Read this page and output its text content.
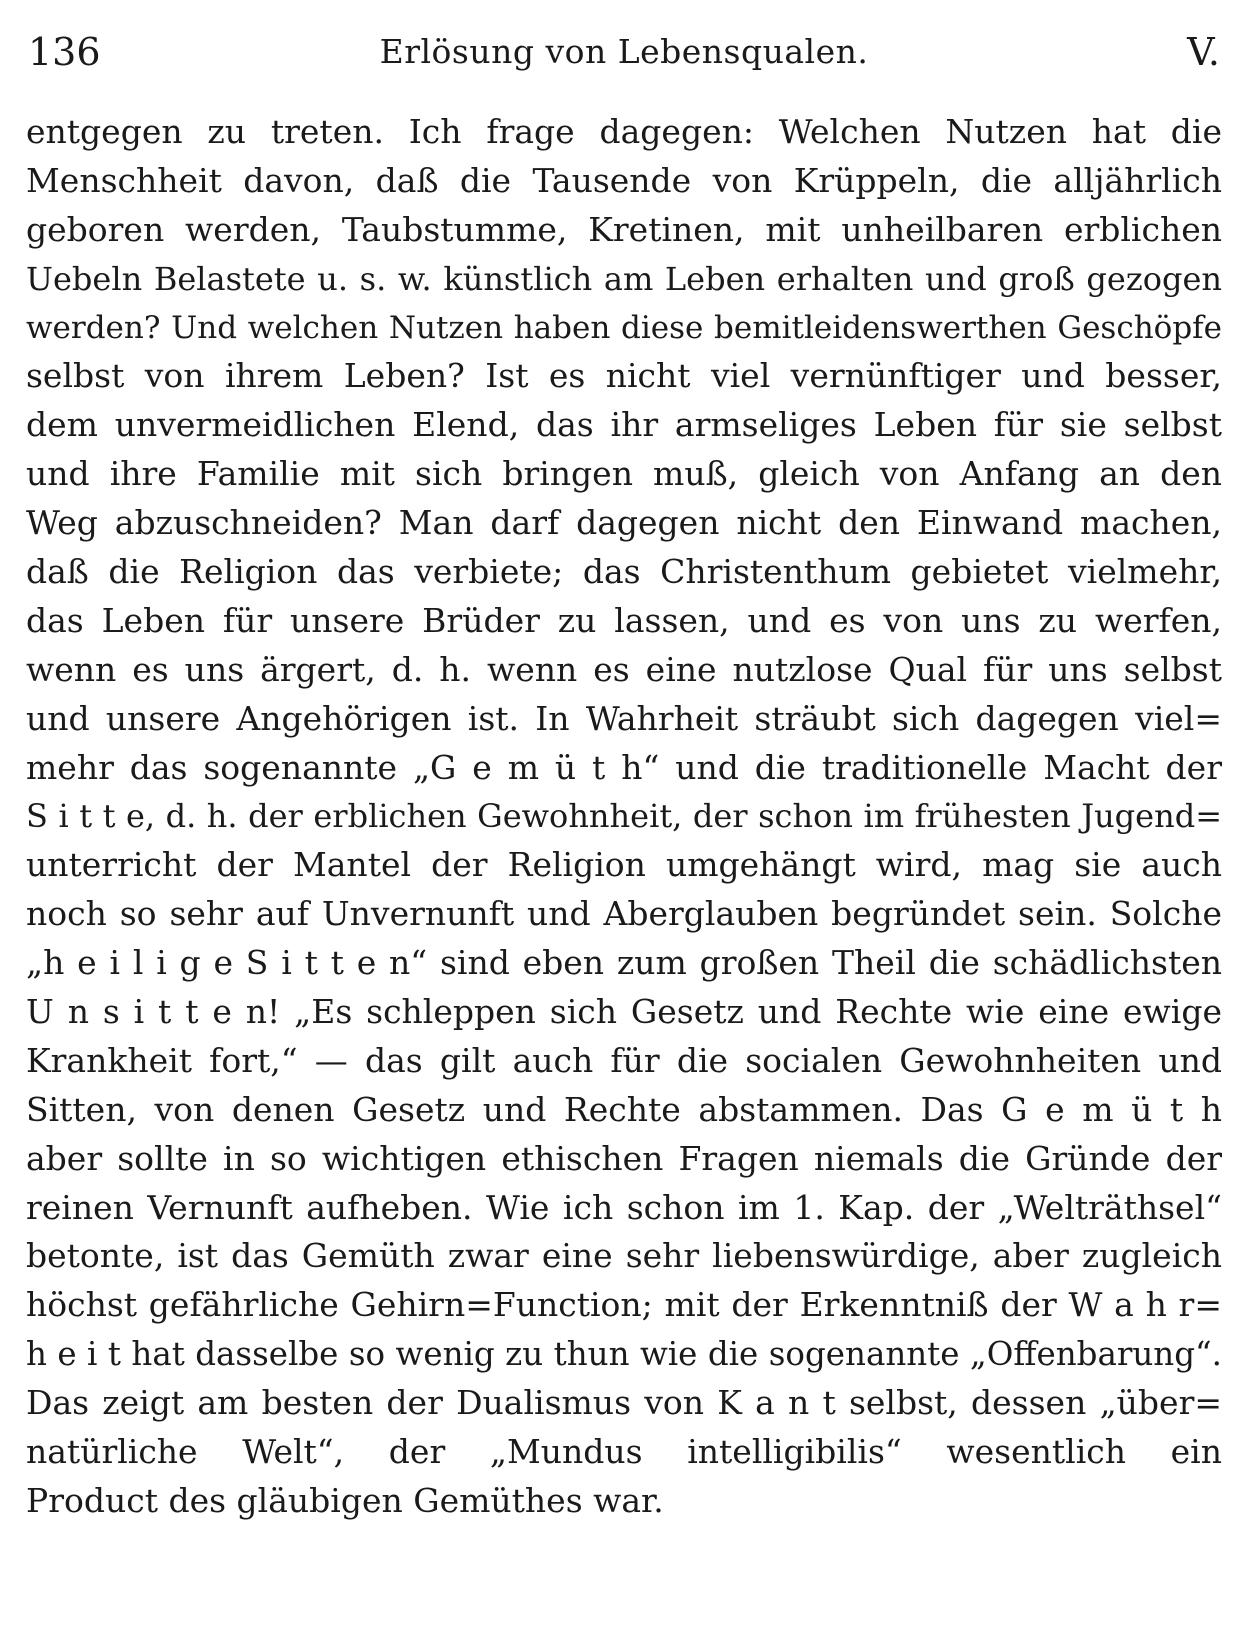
136	Erlösung von Lebensqualen.	V.
entgegen zu treten. Ich frage dagegen: Welchen Nutzen hat die
Menschheit davon, daß die Tausende von Krüppeln, die alljährlich
geboren werden, Taubstumme, Kretinen, mit unheilbaren erblichen
Uebeln Belastete u. s. w. künstlich am Leben erhalten und groß gezogen
werden? Und welchen Nutzen haben diese bemitleidenswerthen Geschöpfe
selbst von ihrem Leben? Ist es nicht viel vernünftiger und besser,
dem unvermeidlichen Elend, das ihr armseliges Leben für sie selbst
und ihre Familie mit sich bringen muß, gleich von Anfang an den
Weg abzuschneiden? Man darf dagegen nicht den Einwand machen,
daß die Religion das verbiete; das Christenthum gebietet vielmehr,
das Leben für unsere Brüder zu lassen, und es von uns zu werfen,
wenn es uns ärgert, d. h. wenn es eine nutzlose Qual für uns selbst
und unsere Angehörigen ist. In Wahrheit sträubt sich dagegen viel=
mehr das sogenannte „G e m ü t h“ und die traditionelle Macht der
S i t t e, d. h. der erblichen Gewohnheit, der schon im frühesten Jugend=
unterricht der Mantel der Religion umgehängt wird, mag sie auch
noch so sehr auf Unvernunft und Aberglauben begründet sein. Solche
„h e i l i g e S i t t e n“ sind eben zum großen Theil die schädlichsten
U n s i t t e n! „Es schleppen sich Gesetz und Rechte wie eine ewige
Krankheit fort,“ — das gilt auch für die socialen Gewohnheiten und
Sitten, von denen Gesetz und Rechte abstammen. Das G e m ü t h
aber sollte in so wichtigen ethischen Fragen niemals die Gründe der
reinen Vernunft aufheben. Wie ich schon im 1. Kap. der „Welträthsel“
betonte, ist das Gemüth zwar eine sehr liebenswürdige, aber zugleich
höchst gefährliche Gehirn=Function; mit der Erkenntniß der W a h r=
h e i t hat dasselbe so wenig zu thun wie die sogenannte „Offenbarung“.
Das zeigt am besten der Dualismus von K a n t selbst, dessen „über=
natürliche Welt“, der „Mundus intelligibilis“ wesentlich ein
Product des gläubigen Gemüthes war.
